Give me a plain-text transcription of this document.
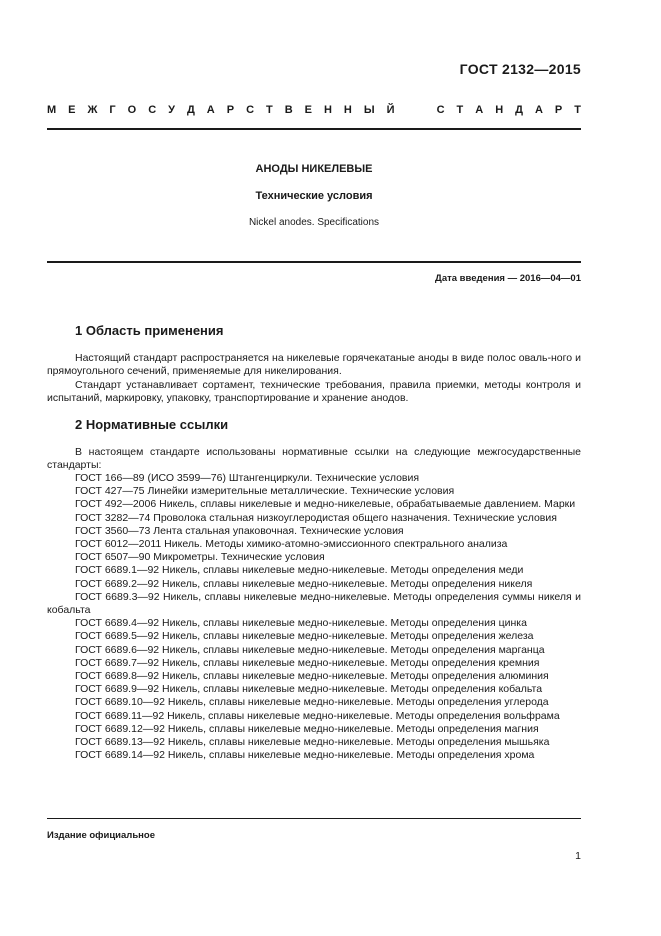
ГОСТ 2132—2015
М Е Ж Г О С У Д А Р С Т В Е Н Н Ы Й

	С Т А Н Д А Р Т
АНОДЫ НИКЕЛЕВЫЕ
Технические условия
Nickel anodes. Specifications
Дата введения — 2016—04—01
1 Область применения

Настоящий стандарт распространяется на никелевые горячекатаные аноды в виде полос оваль-ного и прямоугольного сечений, применяемые для никелирования.

Стандарт устанавливает сортамент, технические требования, правила приемки, методы контроля и испытаний, маркировку, упаковку, транспортирование и хранение анодов.

2 Нормативные ссылки

В настоящем стандарте использованы нормативные ссылки на следующие межгосударственные стандарты:

ГОСТ 166—89 (ИСО 3599—76) Штангенциркули. Технические условия
ГОСТ 427—75 Линейки измерительные металлические. Технические условия
ГОСТ 492—2006 Никель, сплавы никелевые и медно-никелевые, обрабатываемые давлением. Марки
ГОСТ 3282—74 Проволока стальная низкоуглеродистая общего назначения. Технические условия
ГОСТ 3560—73 Лента стальная упаковочная. Технические условия
ГОСТ 6012—2011 Никель. Методы химико-атомно-эмиссионного спектрального анализа
ГОСТ 6507—90 Микрометры. Технические условия
ГОСТ 6689.1—92 Никель, сплавы никелевые медно-никелевые. Методы определения меди
ГОСТ 6689.2—92 Никель, сплавы никелевые медно-никелевые. Методы определения никеля
ГОСТ 6689.3—92 Никель, сплавы никелевые медно-никелевые. Методы определения суммы никеля и кобальта
ГОСТ 6689.4—92 Никель, сплавы никелевые медно-никелевые. Методы определения цинка
ГОСТ 6689.5—92 Никель, сплавы никелевые медно-никелевые. Методы определения железа
ГОСТ 6689.6—92 Никель, сплавы никелевые медно-никелевые. Методы определения марганца
ГОСТ 6689.7—92 Никель, сплавы никелевые медно-никелевые. Методы определения кремния
ГОСТ 6689.8—92 Никель, сплавы никелевые медно-никелевые. Методы определения алюминия
ГОСТ 6689.9—92 Никель, сплавы никелевые медно-никелевые. Методы определения кобальта
ГОСТ 6689.10—92 Никель, сплавы никелевые медно-никелевые. Методы определения углерода
ГОСТ 6689.11—92 Никель, сплавы никелевые медно-никелевые. Методы определения вольфрама
ГОСТ 6689.12—92 Никель, сплавы никелевые медно-никелевые. Методы определения магния
ГОСТ 6689.13—92 Никель, сплавы никелевые медно-никелевые. Методы определения мышьяка
ГОСТ 6689.14—92 Никель, сплавы никелевые медно-никелевые. Методы определения хрома
Издание официальное
1
